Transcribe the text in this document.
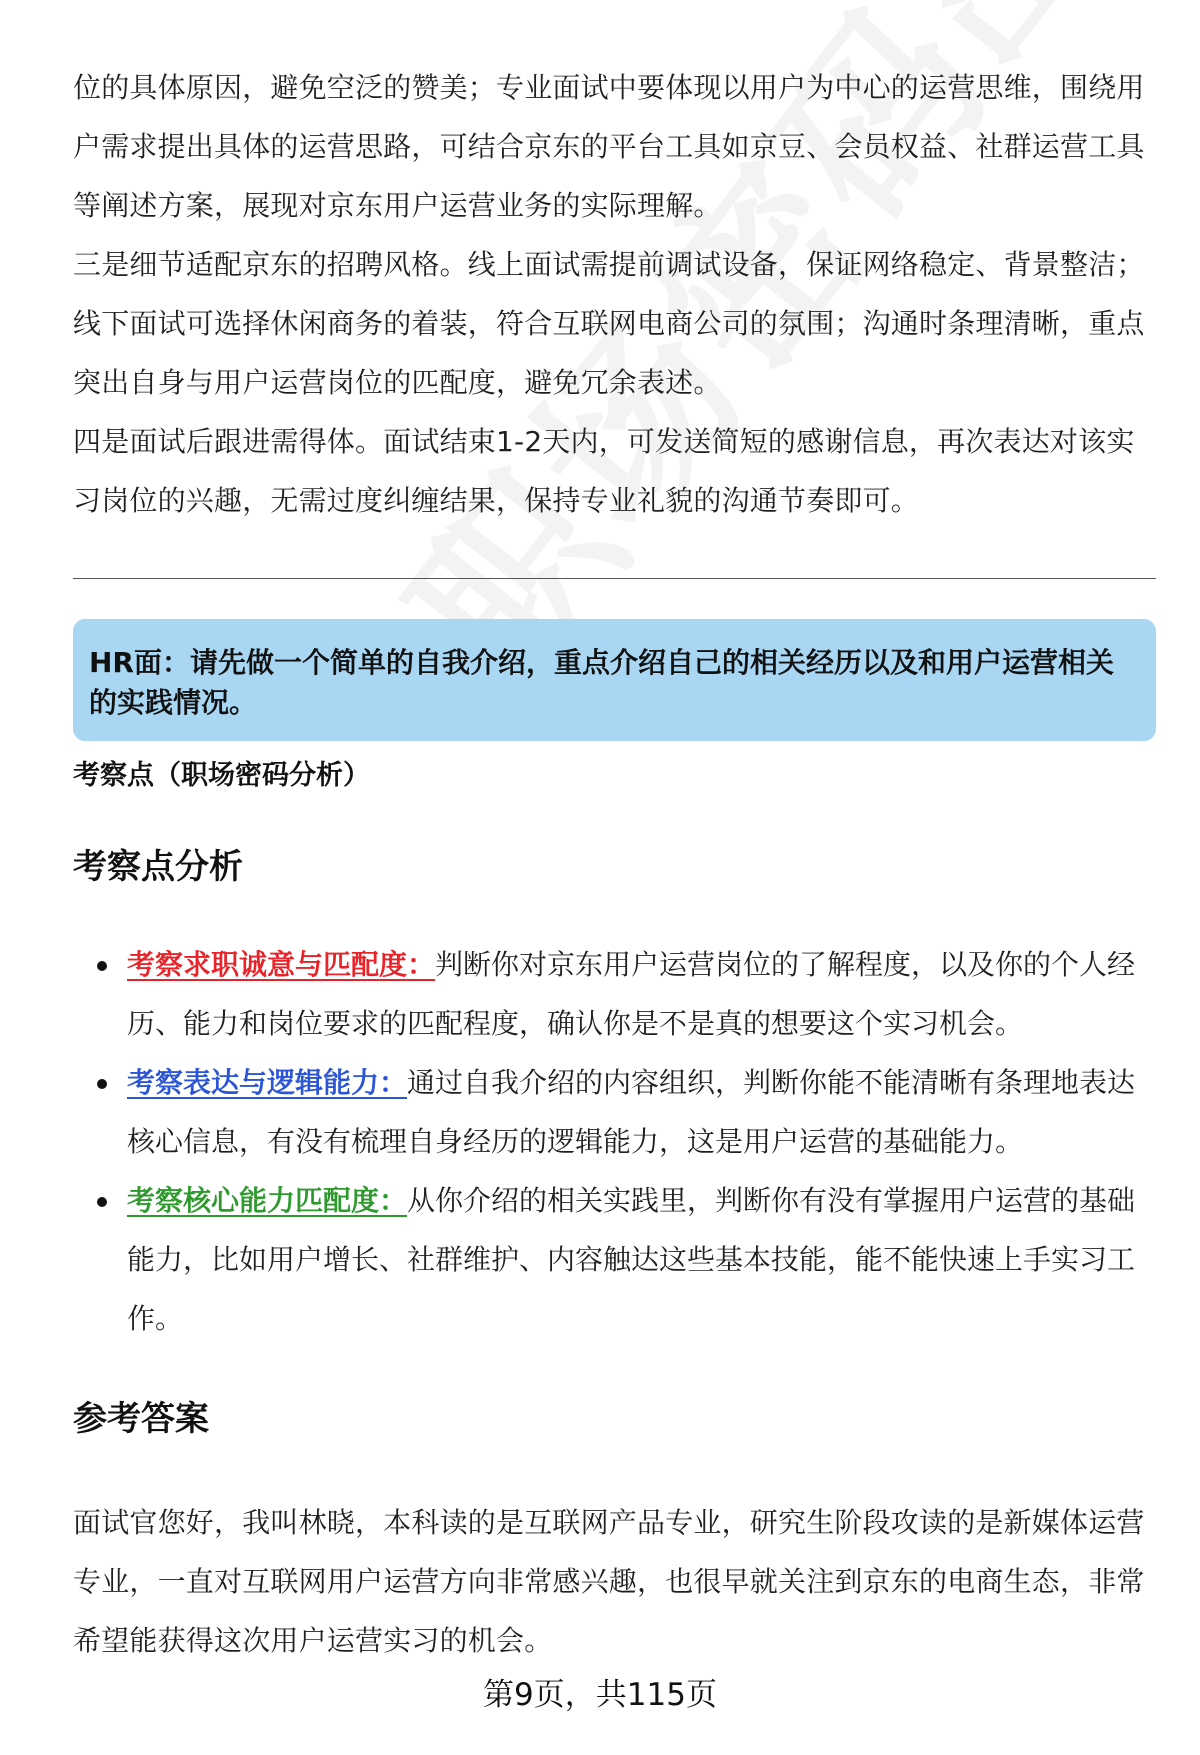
位的具体原因，避免空泛的赞美；专业面试中要体现以用户为中心的运营思维，围绕用户需求提出具体的运营思路，可结合京东的平台工具如京豆、会员权益、社群运营工具等阐述方案，展现对京东用户运营业务的实际理解。
三是细节适配京东的招聘风格。线上面试需提前调试设备，保证网络稳定、背景整洁；线下面试可选择休闲商务的着装，符合互联网电商公司的氛围；沟通时条理清晰，重点突出自身与用户运营岗位的匹配度，避免冗余表述。
四是面试后跟进需得体。面试结束1-2天内，可发送简短的感谢信息，再次表达对该实习岗位的兴趣，无需过度纠缠结果，保持专业礼貌的沟通节奏即可。
HR面：请先做一个简单的自我介绍，重点介绍自己的相关经历以及和用户运营相关的实践情况。
考察点（职场密码分析）
考察点分析
考察求职诚意与匹配度：判断你对京东用户运营岗位的了解程度，以及你的个人经历、能力和岗位要求的匹配程度，确认你是不是真的想要这个实习机会。
考察表达与逻辑能力：通过自我介绍的内容组织，判断你能不能清晰有条理地表达核心信息，有没有梳理自身经历的逻辑能力，这是用户运营的基础能力。
考察核心能力匹配度：从你介绍的相关实践里，判断你有没有掌握用户运营的基础能力，比如用户增长、社群维护、内容触达这些基本技能，能不能快速上手实习工作。
参考答案
面试官您好，我叫林晓，本科读的是互联网产品专业，研究生阶段攻读的是新媒体运营专业，一直对互联网用户运营方向非常感兴趣，也很早就关注到京东的电商生态，非常希望能获得这次用户运营实习的机会。
第9页，共115页
